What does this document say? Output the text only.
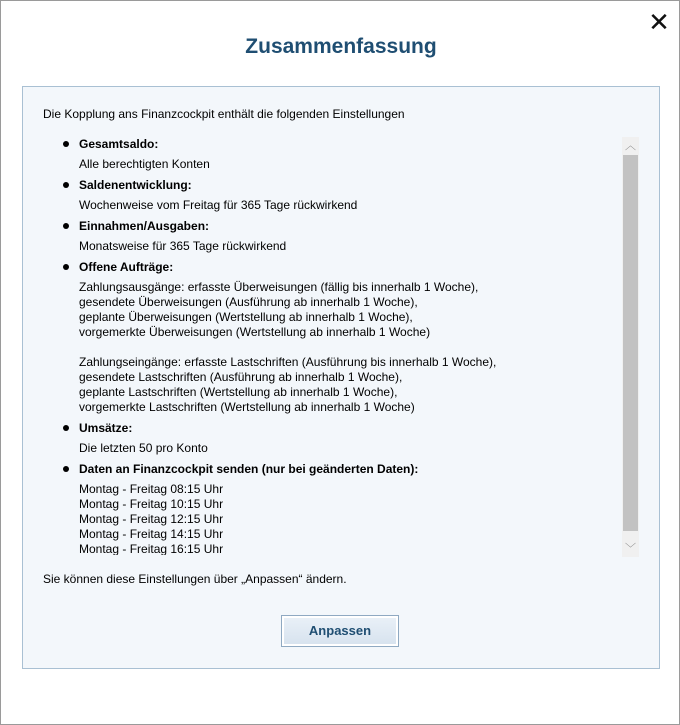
✕
Zusammenfassung
Die Kopplung ans Finanzcockpit enthält die folgenden Einstellungen
Gesamtsaldo:
Alle berechtigten Konten
Saldenentwicklung:
Wochenweise vom Freitag für 365 Tage rückwirkend
Einnahmen/Ausgaben:
Monatsweise für 365 Tage rückwirkend
Offene Aufträge:
Zahlungsausgänge: erfasste Überweisungen (fällig bis innerhalb 1 Woche),
gesendete Überweisungen (Ausführung ab innerhalb 1 Woche),
geplante Überweisungen (Wertstellung ab innerhalb 1 Woche),
vorgemerkte Überweisungen (Wertstellung ab innerhalb 1 Woche)
Zahlungseingänge: erfasste Lastschriften (Ausführung bis innerhalb 1 Woche),
gesendete Lastschriften (Ausführung ab innerhalb 1 Woche),
geplante Lastschriften (Wertstellung ab innerhalb 1 Woche),
vorgemerkte Lastschriften (Wertstellung ab innerhalb 1 Woche)
Umsätze:
Die letzten 50 pro Konto
Daten an Finanzcockpit senden (nur bei geänderten Daten):
Montag - Freitag 08:15 Uhr
Montag - Freitag 10:15 Uhr
Montag - Freitag 12:15 Uhr
Montag - Freitag 14:15 Uhr
Montag - Freitag 16:15 Uhr
︿
﹀
Sie können diese Einstellungen über „Anpassen“ ändern.
Anpassen
